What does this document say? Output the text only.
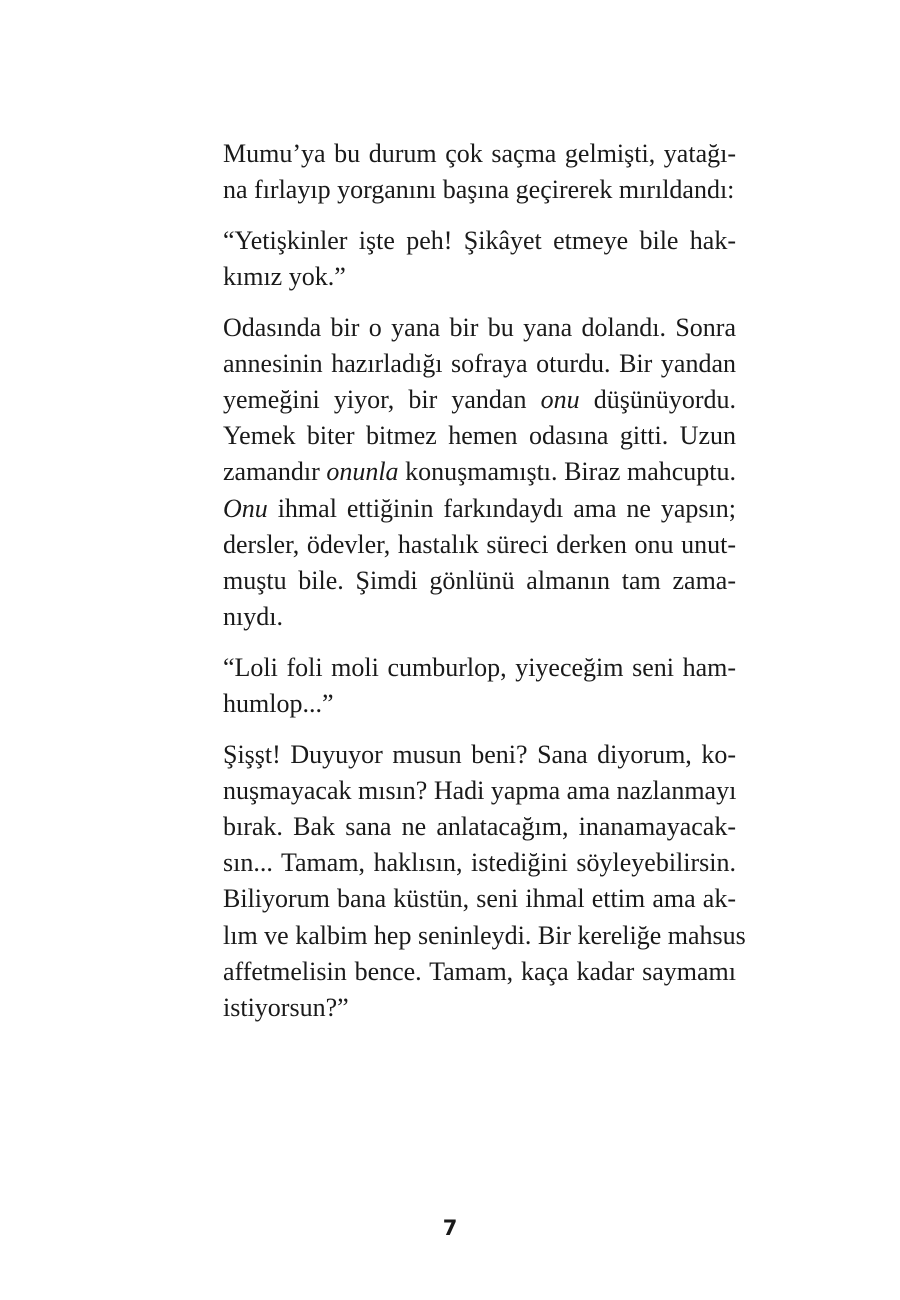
Mumu’ya bu durum çok saçma gelmişti, yatağı-
na fırlayıp yorganını başına geçirerek mırıldandı:

“Yetişkinler işte peh! Şikâyet etmeye bile hak-
kımız yok.”

Odasında bir o yana bir bu yana dolandı. Sonra
annesinin hazırladığı sofraya oturdu. Bir yandan
yemeğini yiyor, bir yandan onu düşünüyordu.
Yemek biter bitmez hemen odasına gitti. Uzun
zamandır onunla konuşmamıştı. Biraz mahcuptu.
Onu ihmal ettiğinin farkındaydı ama ne yapsın;
dersler, ödevler, hastalık süreci derken onu unut-
muştu bile. Şimdi gönlünü almanın tam zama-
nıydı.

“Loli foli moli cumburlop, yiyeceğim seni ham-
humlop...”

Şişşt! Duyuyor musun beni? Sana diyorum, ko-
nuşmayacak mısın? Hadi yapma ama nazlanmayı
bırak. Bak sana ne anlatacağım, inanamayacak-
sın... Tamam, haklısın, istediğini söyleyebilirsin.
Biliyorum bana küstün, seni ihmal ettim ama ak-
lım ve kalbim hep seninleydi. Bir kereliğe mahsus
affetmelisin bence. Tamam, kaça kadar saymamı
istiyorsun?”

7
